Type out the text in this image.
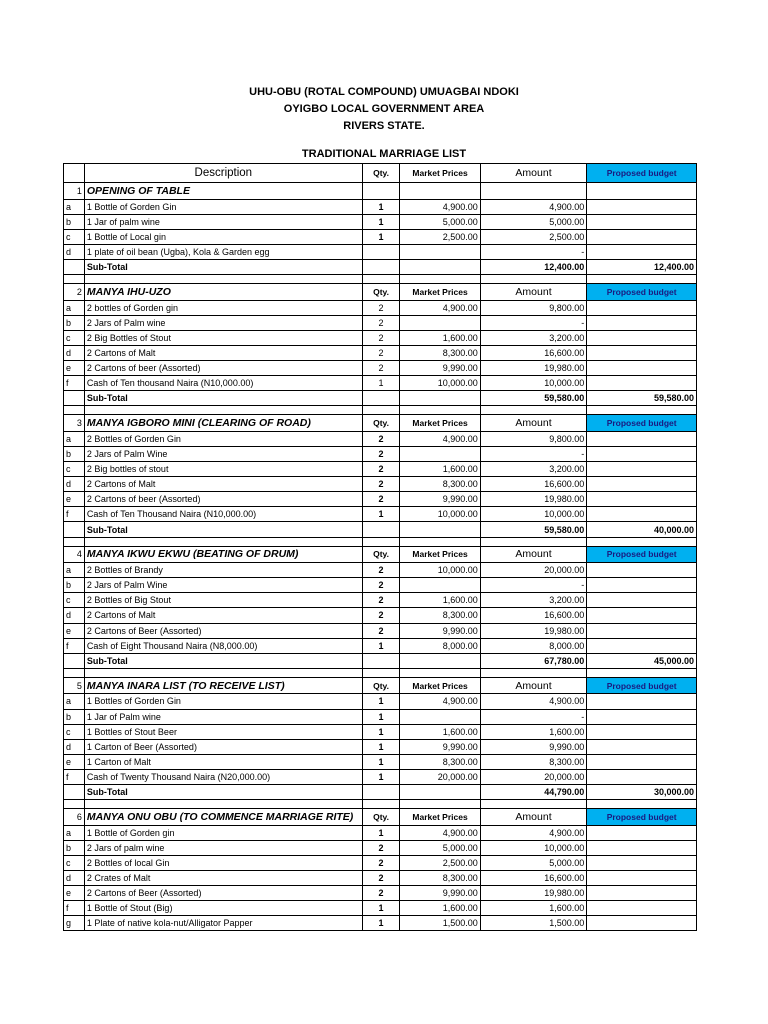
UHU-OBU (ROTAL COMPOUND) UMUAGBAI NDOKI
OYIGBO LOCAL GOVERNMENT AREA
RIVERS STATE.
TRADITIONAL MARRIAGE LIST
	Description	Qty.	Market Prices	Amount	Proposed budget
1	OPENING OF TABLE				
a	1 Bottle of Gorden Gin	1	4,900.00	4,900.00	
b	1 Jar of palm wine	1	5,000.00	5,000.00	
c	1 Bottle of Local gin	1	2,500.00	2,500.00	
d	1 plate of oil bean (Ugba), Kola & Garden egg			-	
	Sub-Total			12,400.00	12,400.00

2	MANYA IHU-UZO	Qty.	Market Prices	Amount	Proposed budget
a	2 bottles of Gorden gin	2	4,900.00	9,800.00	
b	2 Jars of Palm wine	2		-	
c	2 Big Bottles of Stout	2	1,600.00	3,200.00	
d	2 Cartons of Malt	2	8,300.00	16,600.00	
e	2 Cartons of beer (Assorted)	2	9,990.00	19,980.00	
f	Cash of Ten thousand Naira (N10,000.00)	1	10,000.00	10,000.00	
	Sub-Total			59,580.00	59,580.00

3	MANYA IGBORO MINI (CLEARING OF ROAD)	Qty.	Market Prices	Amount	Proposed budget
a	2 Bottles of Gorden Gin	2	4,900.00	9,800.00	
b	2 Jars of Palm Wine	2		-	
c	2 Big bottles of stout	2	1,600.00	3,200.00	
d	2 Cartons of Malt	2	8,300.00	16,600.00	
e	2 Cartons of beer (Assorted)	2	9,990.00	19,980.00	
f	Cash of Ten Thousand Naira (N10,000.00)	1	10,000.00	10,000.00	
	Sub-Total			59,580.00	40,000.00

4	MANYA IKWU EKWU (BEATING OF DRUM)	Qty.	Market Prices	Amount	Proposed budget
a	2 Bottles of Brandy	2	10,000.00	20,000.00	
b	2 Jars of Palm Wine	2		-	
c	2 Bottles of Big Stout	2	1,600.00	3,200.00	
d	2 Cartons of Malt	2	8,300.00	16,600.00	
e	2 Cartons of Beer (Assorted)	2	9,990.00	19,980.00	
f	Cash of Eight Thousand Naira (N8,000.00)	1	8,000.00	8,000.00	
	Sub-Total			67,780.00	45,000.00

5	MANYA INARA LIST (TO RECEIVE LIST)	Qty.	Market Prices	Amount	Proposed budget
a	1 Bottles of Gorden Gin	1	4,900.00	4,900.00	
b	1 Jar of Palm wine	1		-	
c	1 Bottles of Stout Beer	1	1,600.00	1,600.00	
d	1 Carton of Beer (Assorted)	1	9,990.00	9,990.00	
e	1 Carton of Malt	1	8,300.00	8,300.00	
f	Cash of Twenty Thousand Naira (N20,000.00)	1	20,000.00	20,000.00	
	Sub-Total			44,790.00	30,000.00

6	MANYA ONU OBU (TO COMMENCE MARRIAGE RITE)	Qty.	Market Prices	Amount	Proposed budget
a	1 Bottle of Gorden gin	1	4,900.00	4,900.00	
b	2 Jars of palm wine	2	5,000.00	10,000.00	
c	2 Bottles of local Gin	2	2,500.00	5,000.00	
d	2 Crates of Malt	2	8,300.00	16,600.00	
e	2 Cartons of Beer (Assorted)	2	9,990.00	19,980.00	
f	1 Bottle of Stout (Big)	1	1,600.00	1,600.00	
g	1 Plate of native kola-nut/Alligator Papper	1	1,500.00	1,500.00	
